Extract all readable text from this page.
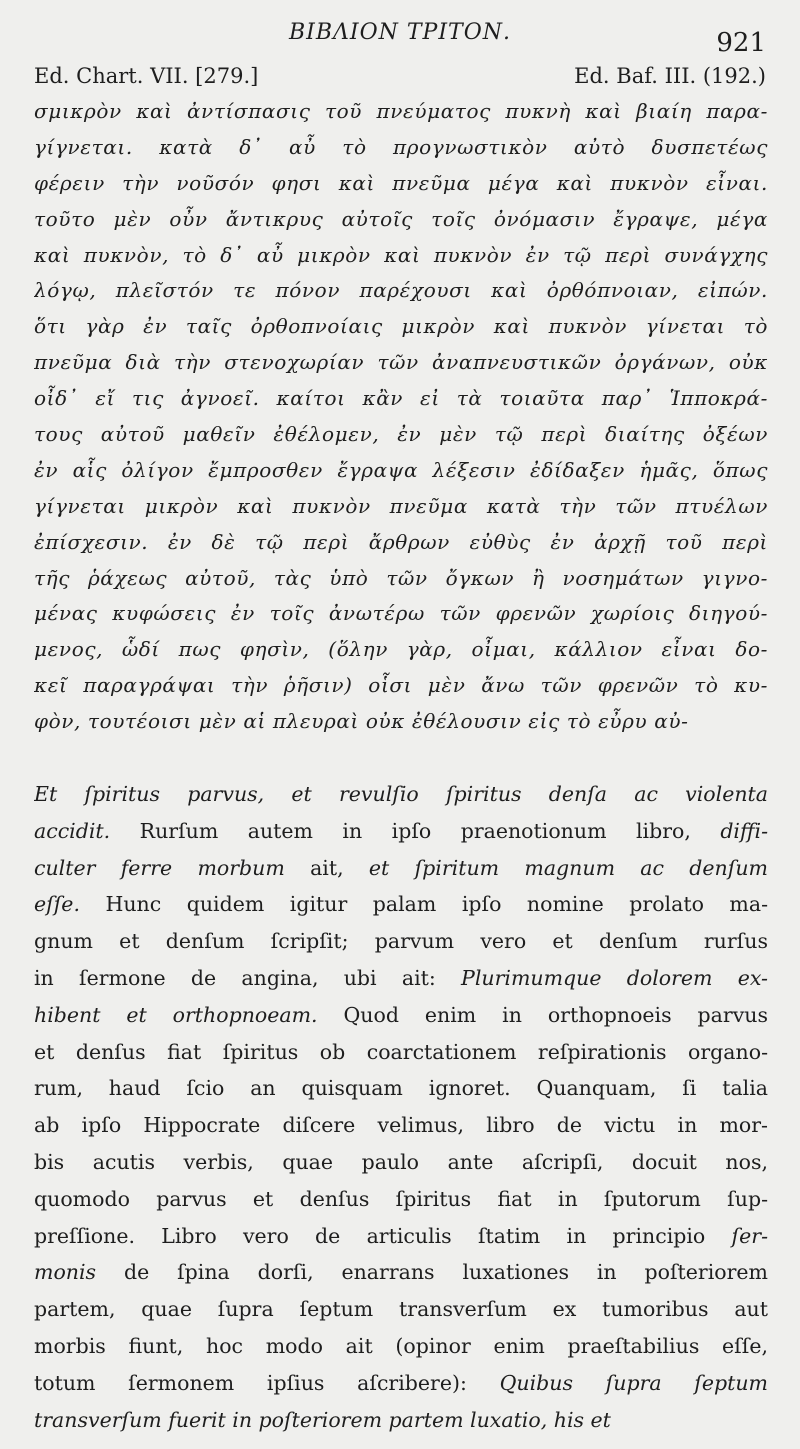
ΒΙΒΛΙΟΝ ΤΡΙΤΟΝ.	921
Ed. Chart. VII. [279.]	Ed. Baf. III. (192.)
σμικρὸν καὶ ἀντίσπασις τοῦ πνεύματος πυκνὴ καὶ βιαίη παρα-
γίγνεται. κατὰ δ᾽ αὖ τὸ προγνωστικὸν αὐτὸ δυσπετέως
φέρειν τὴν νοῦσόν φησι καὶ πνεῦμα μέγα καὶ πυκνὸν εἶναι.
τοῦτο μὲν οὖν ἄντικρυς αὐτοῖς τοῖς ὀνόμασιν ἔγραψε, μέγα
καὶ πυκνὸν, τὸ δ᾽ αὖ μικρὸν καὶ πυκνὸν ἐν τῷ περὶ συνάγχης
λόγῳ, πλεῖστόν τε πόνον παρέχουσι καὶ ὀρθόπνοιαν, εἰπών.
ὅτι γὰρ ἐν ταῖς ὀρθοπνοίαις μικρὸν καὶ πυκνὸν γίνεται τὸ
πνεῦμα διὰ τὴν στενοχωρίαν τῶν ἀναπνευστικῶν ὀργάνων, οὐκ
οἶδ᾽ εἴ τις ἀγνοεῖ. καίτοι κἂν εἰ τὰ τοιαῦτα παρ᾽ Ἱπποκρά-
τους αὐτοῦ μαθεῖν ἐθέλομεν, ἐν μὲν τῷ περὶ διαίτης ὀξέων
ἐν αἷς ὀλίγον ἔμπροσθεν ἔγραψα λέξεσιν ἐδίδαξεν ἡμᾶς, ὅπως
γίγνεται μικρὸν καὶ πυκνὸν πνεῦμα κατὰ τὴν τῶν πτυέλων
ἐπίσχεσιν. ἐν δὲ τῷ περὶ ἄρθρων εὐθὺς ἐν ἀρχῇ τοῦ περὶ
τῆς ῥάχεως αὐτοῦ, τὰς ὑπὸ τῶν ὄγκων ἢ νοσημάτων γιγνο-
μένας κυφώσεις ἐν τοῖς ἀνωτέρω τῶν φρενῶν χωρίοις διηγού-
μενος, ὧδί πως φησὶν, (ὅλην γὰρ, οἶμαι, κάλλιον εἶναι δο-
κεῖ παραγράψαι τὴν ῥῆσιν) οἷσι μὲν ἄνω τῶν φρενῶν τὸ κυ-
φὸν, τουτέοισι μὲν αἱ πλευραὶ οὐκ ἐθέλουσιν εἰς τὸ εὖρυ αὐ-
Et ſpiritus parvus, et revulſio ſpiritus denſa ac violenta
accidit. Rurſum autem in ipſo praenotionum libro, diffi-
culter ferre morbum ait, et ſpiritum magnum ac denſum
eſſe. Hunc quidem igitur palam ipſo nomine prolato ma-
gnum et denſum ſcripſit; parvum vero et denſum rurſus
in ſermone de angina, ubi ait: Plurimumque dolorem ex-
hibent et orthopnoeam. Quod enim in orthopnoeis parvus
et denſus fiat ſpiritus ob coarctationem reſpirationis organo-
rum, haud ſcio an quisquam ignoret. Quanquam, ſi talia
ab ipſo Hippocrate diſcere velimus, libro de victu in mor-
bis acutis verbis, quae paulo ante aſcripſi, docuit nos,
quomodo parvus et denſus ſpiritus fiat in ſputorum ſup-
preſſione. Libro vero de articulis ſtatim in principio ſer-
monis de ſpina dorſi, enarrans luxationes in poſteriorem
partem, quae ſupra ſeptum transverſum ex tumoribus aut
morbis fiunt, hoc modo ait (opinor enim praeſtabilius eſſe,
totum ſermonem ipſius aſcribere): Quibus ſupra ſeptum
transverſum fuerit in poſteriorem partem luxatio, his et
